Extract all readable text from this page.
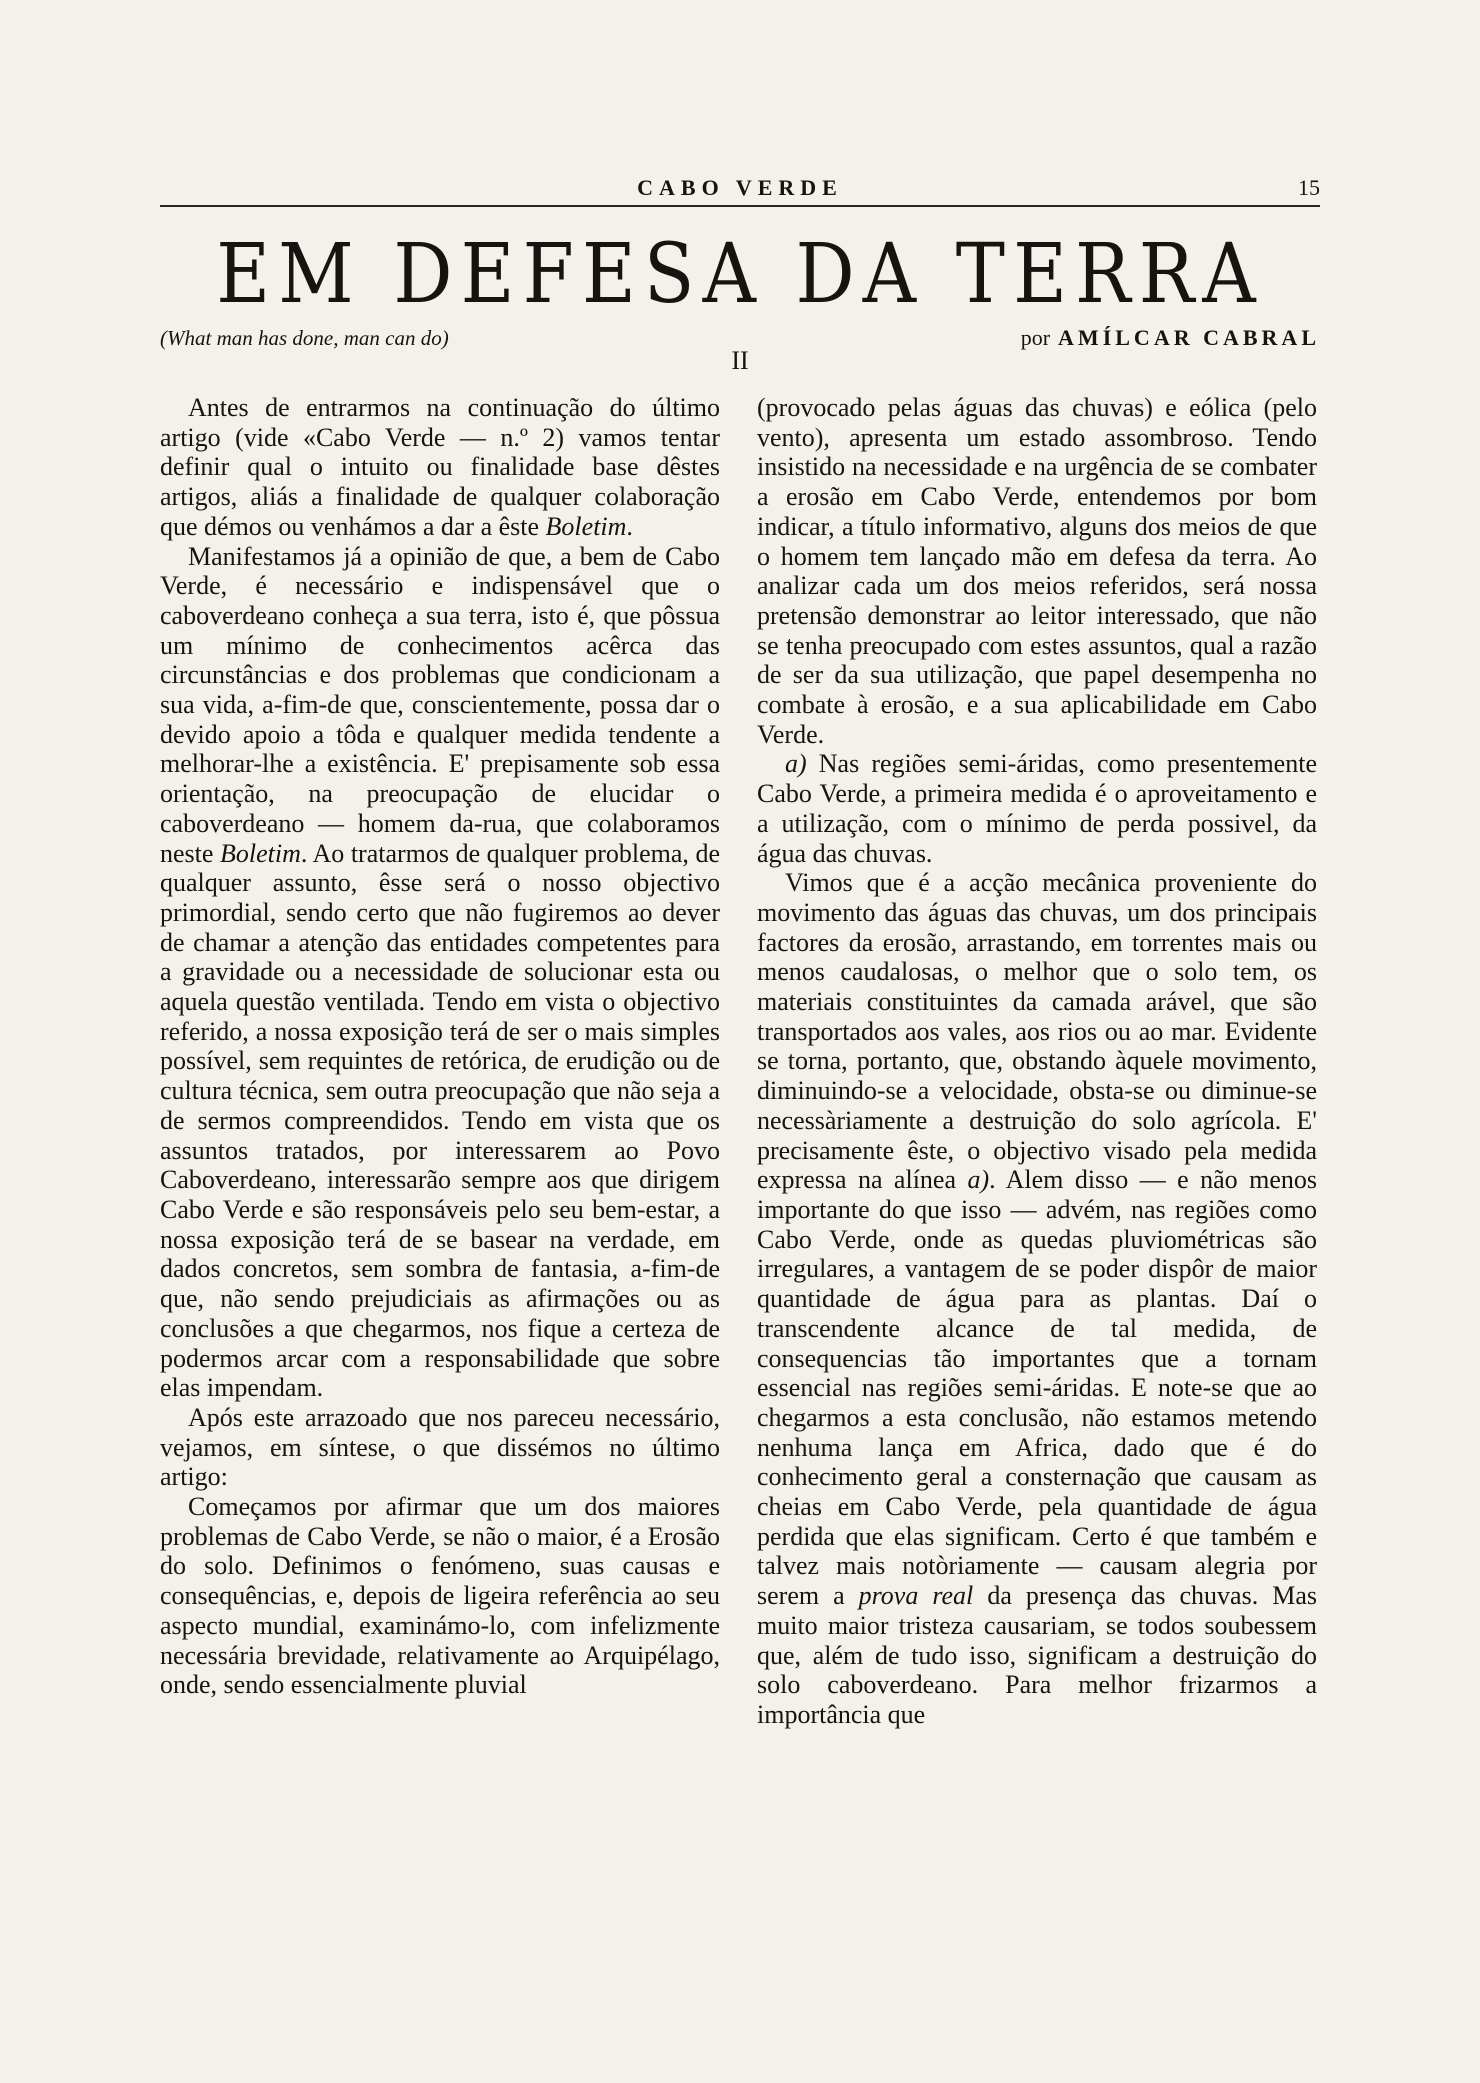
CABO VERDE	15
EM DEFESA DA TERRA
(What man has done, man can do)
II
por AMÍLCAR CABRAL

Antes de entrarmos na continuação do último artigo (vide «Cabo Verde — n.º 2) vamos tentar definir qual o intuito ou finalidade base dêstes artigos, aliás a finalidade de qualquer colaboração que démos ou venhámos a dar a êste Boletim.

Manifestamos já a opinião de que, a bem de Cabo Verde, é necessário e indispensável que o caboverdeano conheça a sua terra, isto é, que pôssua um mínimo de conhecimentos acêrca das circunstâncias e dos problemas que condicionam a sua vida, a-fim-de que, conscientemente, possa dar o devido apoio a tôda e qualquer medida tendente a melhorar-lhe a existência. E' prepisamente sob essa orientação, na preocupação de elucidar o caboverdeano — homem da-rua, que colaboramos neste Boletim. Ao tratarmos de qualquer problema, de qualquer assunto, êsse será o nosso objectivo primordial, sendo certo que não fugiremos ao dever de chamar a atenção das entidades competentes para a gravidade ou a necessidade de solucionar esta ou aquela questão ventilada. Tendo em vista o objectivo referido, a nossa exposição terá de ser o mais simples possível, sem requintes de retórica, de erudição ou de cultura técnica, sem outra preocupação que não seja a de sermos compreendidos. Tendo em vista que os assuntos tratados, por interessarem ao Povo Caboverdeano, interessarão sempre aos que dirigem Cabo Verde e são responsáveis pelo seu bem-estar, a nossa exposição terá de se basear na verdade, em dados concretos, sem sombra de fantasia, a-fim-de que, não sendo prejudiciais as afirmações ou as conclusões a que chegarmos, nos fique a certeza de podermos arcar com a responsabilidade que sobre elas impendam.

Após este arrazoado que nos pareceu necessário, vejamos, em síntese, o que dissémos no último artigo:

Começamos por afirmar que um dos maiores problemas de Cabo Verde, se não o maior, é a Erosão do solo. Definimos o fenómeno, suas causas e consequências, e, depois de ligeira referência ao seu aspecto mundial, examinámo-lo, com infelizmente necessária brevidade, relativamente ao Arquipélago, onde, sendo essencialmente pluvial

(provocado pelas águas das chuvas) e eólica (pelo vento), apresenta um estado assombroso. Tendo insistido na necessidade e na urgência de se combater a erosão em Cabo Verde, entendemos por bom indicar, a título informativo, alguns dos meios de que o homem tem lançado mão em defesa da terra. Ao analizar cada um dos meios referidos, será nossa pretensão demonstrar ao leitor interessado, que não se tenha preocupado com estes assuntos, qual a razão de ser da sua utilização, que papel desempenha no combate à erosão, e a sua aplicabilidade em Cabo Verde.

a) Nas regiões semi-áridas, como presentemente Cabo Verde, a primeira medida é o aproveitamento e a utilização, com o mínimo de perda possivel, da água das chuvas.

Vimos que é a acção mecânica proveniente do movimento das águas das chuvas, um dos principais factores da erosão, arrastando, em torrentes mais ou menos caudalosas, o melhor que o solo tem, os materiais constituintes da camada arável, que são transportados aos vales, aos rios ou ao mar. Evidente se torna, portanto, que, obstando àquele movimento, diminuindo-se a velocidade, obsta-se ou diminue-se necessàriamente a destruição do solo agrícola. E' precisamente êste, o objectivo visado pela medida expressa na alínea a). Alem disso — e não menos importante do que isso — advém, nas regiões como Cabo Verde, onde as quedas pluviométricas são irregulares, a vantagem de se poder dispôr de maior quantidade de água para as plantas. Daí o transcendente alcance de tal medida, de consequencias tão importantes que a tornam essencial nas regiões semi-áridas. E note-se que ao chegarmos a esta conclusão, não estamos metendo nenhuma lança em Africa, dado que é do conhecimento geral a consternação que causam as cheias em Cabo Verde, pela quantidade de água perdida que elas significam. Certo é que também e talvez mais notòriamente — causam alegria por serem a prova real da presença das chuvas. Mas muito maior tristeza causariam, se todos soubessem que, além de tudo isso, significam a destruição do solo caboverdeano. Para melhor frizarmos a importância que
